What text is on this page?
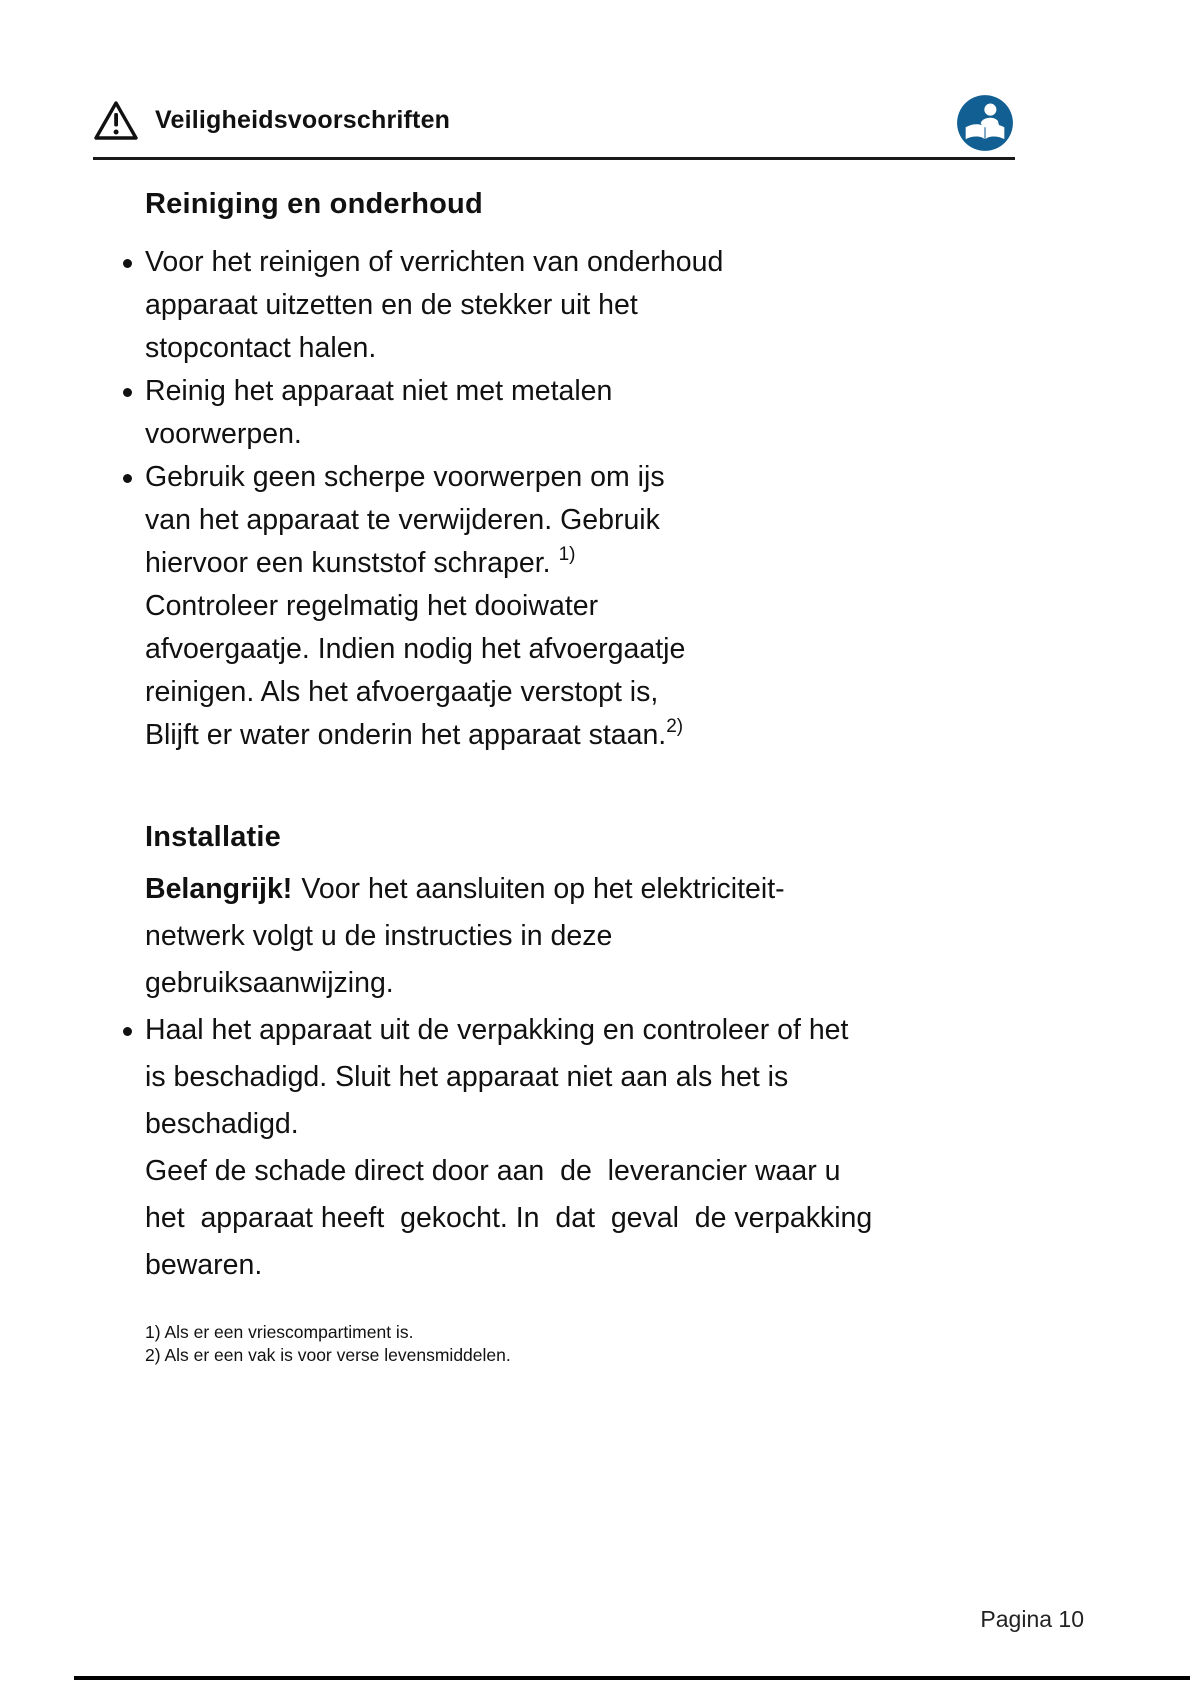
Veiligheidsvoorschriften
Reiniging en onderhoud
Voor het reinigen of verrichten van onderhoud
apparaat uitzetten en de stekker uit het
stopcontact halen.
Reinig het apparaat niet met metalen
voorwerpen.
Gebruik geen scherpe voorwerpen om ijs
van het apparaat te verwijderen. Gebruik
hiervoor een kunststof schraper. $^{1)}$
Controleer regelmatig het dooiwater
afvoergaatje. Indien nodig het afvoergaatje
reinigen. Als het afvoergaatje verstopt is,
Blijft er water onderin het apparaat staan.$^{2)}$
Installatie
Belangrijk! Voor het aansluiten op het elektriciteit-
netwerk volgt u de instructies in deze
gebruiksaanwijzing.
Haal het apparaat uit de verpakking en controleer of het
is beschadigd. Sluit het apparaat niet aan als het is
beschadigd.
Geef de schade direct door aan  de  leverancier waar u
het  apparaat heeft  gekocht. In  dat  geval  de verpakking
bewaren.
1) Als er een vriescompartiment is.
2) Als er een vak is voor verse levensmiddelen.
Pagina 10
